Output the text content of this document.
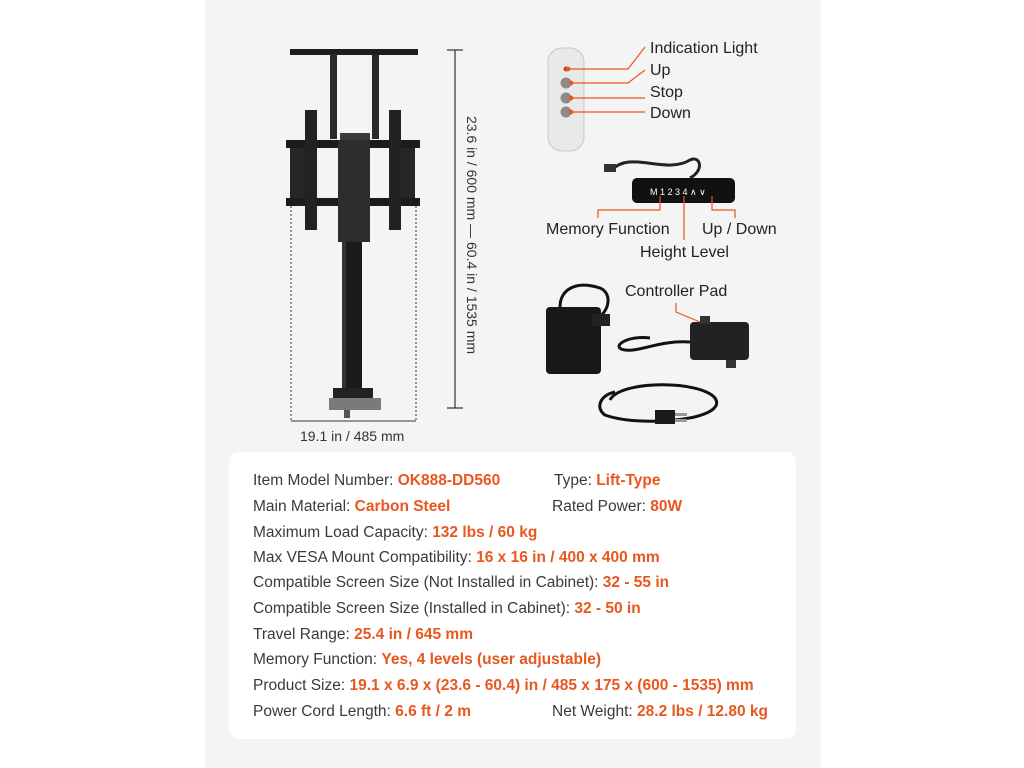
M 1 2 3 4 ∧ ∨
23.6 in / 600 mm — 60.4 in / 1535 mm
19.1 in / 485 mm
Indication Light
Up
Stop
Down
Memory Function
Height Level
Up / Down
Controller Pad
Item Model Number: OK888-DD560	Type: Lift-Type
Main Material: Carbon Steel	Rated Power: 80W
Maximum Load Capacity: 132 lbs / 60 kg
Max VESA Mount Compatibility: 16 x 16 in / 400 x 400 mm
Compatible Screen Size (Not Installed in Cabinet): 32 - 55 in
Compatible Screen Size (Installed in Cabinet): 32 - 50 in
Travel Range: 25.4 in / 645 mm
Memory Function: Yes, 4 levels (user adjustable)
Product Size: 19.1 x 6.9 x (23.6 - 60.4) in / 485 x 175 x (600 - 1535) mm
Power Cord Length: 6.6 ft / 2 m	Net Weight: 28.2 lbs / 12.80 kg
